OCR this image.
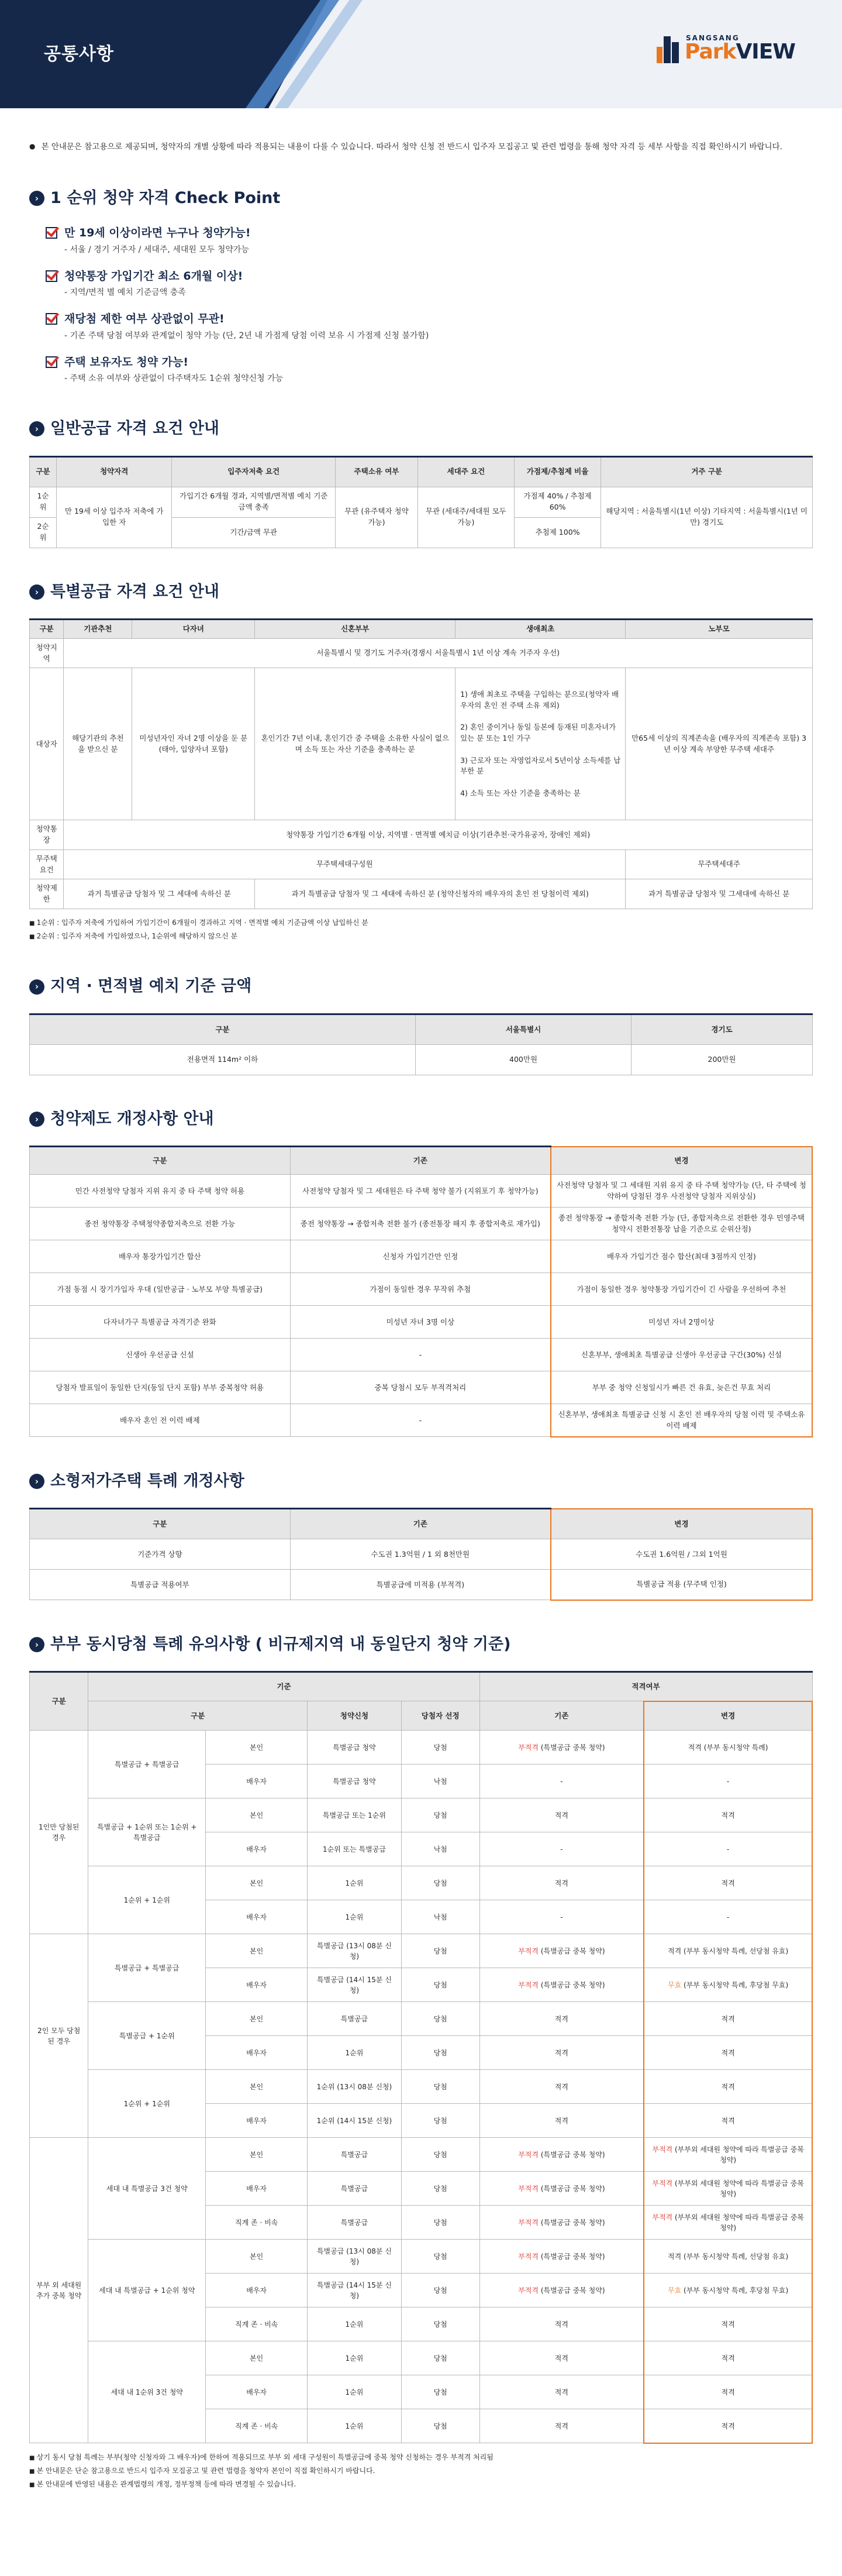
공통사항
SANGSANG
ParkVIEW
● 본 안내문은 참고용으로 제공되며, 청약자의 개별 상황에 따라 적용되는 내용이 다를 수 있습니다. 따라서 청약 신청 전 반드시 입주자 모집공고 및 관련 법령을 통해 청약 자격 등 세부 사항을 직접 확인하시기 바랍니다.
› 1 순위 청약 자격 Check Point
만 19세 이상이라면 누구나 청약가능!
- 서울 / 경기 거주자 / 세대주, 세대원 모두 청약가능
청약통장 가입기간 최소 6개월 이상!
- 지역/면적 별 예치 기준금액 충족
재당첨 제한 여부 상관없이 무관!
- 기존 주택 당첨 여부와 관계없이 청약 가능 (단, 2년 내 가점제 당첨 이력 보유 시 가점제 신청 불가함)
주택 보유자도 청약 가능!
- 주택 소유 여부와 상관없이 다주택자도 1순위 청약신청 가능
› 일반공급 자격 요건 안내
구분	청약자격	입주자저축 요건	주택소유 여부	세대주 요건	가점제/추첨제 비율	거주 구분
1순위	만 19세 이상 입주자 저축에 가입한 자	가입기간 6개월 경과, 지역별/면적별 예치 기준금액 충족	무관 (유주택자 청약 가능)	무관 (세대주/세대원 모두 가능)	가점제 40% / 추첨제 60%	해당지역 : 서울특별시(1년 이상) 기타지역 : 서울특별시(1년 미만) 경기도
2순위		기간/금액 무관			추첨제 100%	
› 특별공급 자격 요건 안내
구분	기관추천	다자녀	신혼부부	생애최초	노부모
청약지역	서울특별시 및 경기도 거주자(경쟁시 서울특별시 1년 이상 계속 거주자 우선)				
대상자	해당기관의 추천을 받으신 분	미성년자인 자녀 2명 이상을 둔 분 (태아, 입양자녀 포함)	혼인기간 7년 이내, 혼인기간 중 주택을 소유한 사실이 없으며 소득 또는 자산 기준을 충족하는 분	1) 생애 최초로 주택을 구입하는 분으로(청약자 배우자의 혼인 전 주택 소유 제외)

2) 혼인 중이거나 동일 등본에 등재된 미혼자녀가 있는 분 또는 1인 가구

3) 근로자 또는 자영업자로서 5년이상 소득세를 납부한 분

4) 소득 또는 자산 기준을 충족하는 분	만65세 이상의 직계존속을 (배우자의 직계존속 포함) 3년 이상 계속 부양한 무주택 세대주
청약통장	청약통장 가입기간 6개월 이상, 지역별 · 면적별 예치금 이상(기관추천·국가유공자, 장애인 제외)				
무주택요건	무주택세대구성원				무주택세대주
청약제한	과거 특별공급 당첨자 및 그 세대에 속하신 분		과거 특별공급 당첨자 및 그 세대에 속하신 분 (청약신청자의 배우자의 혼인 전 당첨이력 제외)		과거 특별공급 당첨자 및 그세대에 속하신 분
■ 1순위 : 입주자 저축에 가입하여 가입기간이 6개월이 경과하고 지역 · 면적별 예치 기준금액 이상 납입하신 분
■ 2순위 : 입주자 저축에 가입하였으나, 1순위에 해당하지 않으신 분
› 지역 · 면적별 예치 기준 금액
구분	서울특별시	경기도
전용면적 114m² 이하	400만원	200만원
› 청약제도 개정사항 안내
구분	기존	변경
민간 사전청약 당첨자 지위 유지 중 타 주택 청약 허용	사전청약 당첨자 및 그 세대원은 타 주택 청약 불가 (지위포기 후 청약가능)	사전청약 당첨자 및 그 세대원 지위 유지 중 타 주택 청약가능 (단, 타 주택에 청약하여 당첨된 경우 사전청약 당첨자 지위상실)
종전 청약통장 주택청약종합저축으로 전환 가능	종전 청약통장 → 종합저축 전환 불가 (종전통장 해지 후 종합저축로 재가입)	종전 청약통장 → 종합저축 전환 가능 (단, 종합저축으로 전환한 경우 민영주택 청약시 전환전통장 납을 기준으로 순위산정)
배우자 통장가입기간 합산	신청자 가입기간만 인정	배우자 가입기간 점수 합산(최대 3점까지 인정)
가점 동점 시 장기가입자 우대 (일반공급 · 노부모 부양 특별공급)	가점이 동일한 경우 무작위 추첨	가점이 동일한 경우 청약통장 가입기간이 긴 사람을 우선하여 추천
다자녀가구 특별공급 자격기준 완화	미성년 자녀 3명 이상	미성년 자녀 2명이상
신생아 우선공급 신설	-	신혼부부, 생애최초 특별공급 신생아 우선공급 구간(30%) 신설
당첨자 발표일이 동일한 단지(동일 단지 포함) 부부 중복청약 허용	중복 당첨시 모두 부적격처리	부부 중 청약 신청일시가 빠른 건 유효, 늦은건 무효 처리
배우자 혼인 전 이력 배제	-	신혼부부, 생애최초 특별공급 신청 시 혼인 전 배우자의 당첨 이력 및 주택소유 이력 배제
› 소형저가주택 특례 개정사항
구분	기존	변경
기준가격 상향	수도권 1.3억원 / 1 외 8천만원	수도권 1.6억원 / 그외 1억원
특별공급 적용여부	특별공급에 미적용 (부적격)	특별공급 적용 (무주택 인정)
› 부부 동시당첨 특례 유의사항 ( 비규제지역 내 동일단지 청약 기준)
구분	기준				적격여부	
	구분		청약신청	당첨자 선정	기존	변경
1인만 당첨된 경우	특별공급 + 특별공급	본인	특별공급 청약	당첨	부적격 (특별공급 중복 청약)	적격 (부부 동시청약 특례)
		배우자	특별공급 청약	낙첨	-	-
	특별공급 + 1순위 또는 1순위 + 특별공급	본인	특별공급 또는 1순위	당첨	적격	적격
		배우자	1순위 또는 특별공급	낙첨	-	-
	1순위 + 1순위	본인	1순위	당첨	적격	적격
		배우자	1순위	낙첨	-	-
2인 모두 당첨된 경우	특별공급 + 특별공급	본인	특별공급 (13시 08분 신청)	당첨	부적격 (특별공급 중복 청약)	적격 (부부 동시청약 특례, 선당첨 유효)
		배우자	특별공급 (14시 15분 신청)	당첨	부적격 (특별공급 중복 청약)	무효 (부부 동시청약 특례, 후당첨 무효)
	특별공급 + 1순위	본인	특별공급	당첨	적격	적격
		배우자	1순위	당첨	적격	적격
	1순위 + 1순위	본인	1순위 (13시 08분 신청)	당첨	적격	적격
		배우자	1순위 (14시 15분 신청)	당첨	적격	적격
부부 외 세대원 추가 중복 청약	세대 내 특별공급 3건 청약	본인	특별공급	당첨	부적격 (특별공급 중복 청약)	부적격 (부부외 세대원 청약에 따라 특별공급 중복 청약)
		배우자	특별공급	당첨	부적격 (특별공급 중복 청약)	부적격 (부부외 세대원 청약에 따라 특별공급 중복 청약)
		직계 존 · 비속	특별공급	당첨	부적격 (특별공급 중복 청약)	부적격 (부부외 세대원 청약에 따라 특별공급 중복 청약)
	세대 내 특별공급 + 1순위 청약	본인	특별공급 (13시 08분 신청)	당첨	부적격 (특별공급 중복 청약)	적격 (부부 동시청약 특례, 선당첨 유효)
		배우자	특별공급 (14시 15분 신청)	당첨	부적격 (특별공급 중복 청약)	무효 (부부 동시청약 특례, 후당첨 무효)
		직계 존 · 비속	1순위	당첨	적격	적격
	세대 내 1순위 3건 청약	본인	1순위	당첨	적격	적격
		배우자	1순위	당첨	적격	적격
		직계 존 · 비속	1순위	당첨	적격	적격
■ 상기 동시 당첨 특례는 부부(청약 신청자와 그 배우자)에 한하여 적용되므로 부부 외 세대 구성원이 특별공급에 중복 청약 신청하는 경우 부적격 처리됨
■ 본 안내문은 단순 참고용으로 반드시 입주자 모집공고 및 관련 법령을 청약자 본인이 직접 확인하시기 바랍니다.
■ 본 안내문에 반영된 내용은 관계법령의 개정, 정부정책 등에 따라 변경될 수 있습니다.
